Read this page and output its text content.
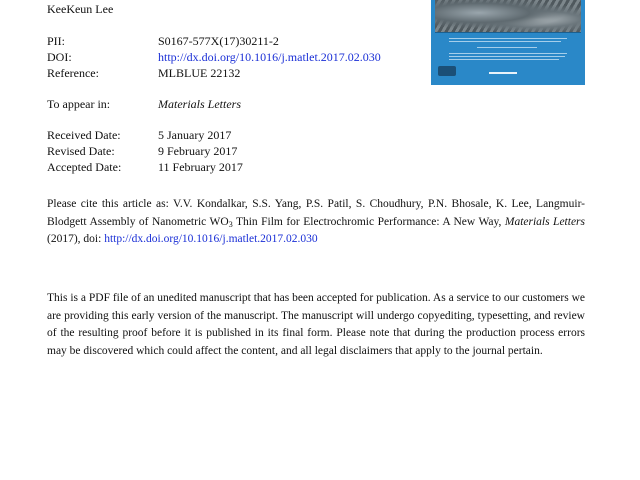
KeeKeun Lee
PII:	S0167-577X(17)30211-2
DOI:	http://dx.doi.org/10.1016/j.matlet.2017.02.030
Reference:	MLBLUE 22132
To appear in:	Materials Letters
Received Date:	5 January 2017
Revised Date:	9 February 2017
Accepted Date:	11 February 2017
Please cite this article as: V.V. Kondalkar, S.S. Yang, P.S. Patil, S. Choudhury, P.N. Bhosale, K. Lee, Langmuir-Blodgett Assembly of Nanometric $WO_3$ Thin Film for Electrochromic Performance: A New Way, Materials Letters (2017), doi: http://dx.doi.org/10.1016/j.matlet.2017.02.030
This is a PDF file of an unedited manuscript that has been accepted for publication. As a service to our customers we are providing this early version of the manuscript. The manuscript will undergo copyediting, typesetting, and review of the resulting proof before it is published in its final form. Please note that during the production process errors may be discovered which could affect the content, and all legal disclaimers that apply to the journal pertain.
